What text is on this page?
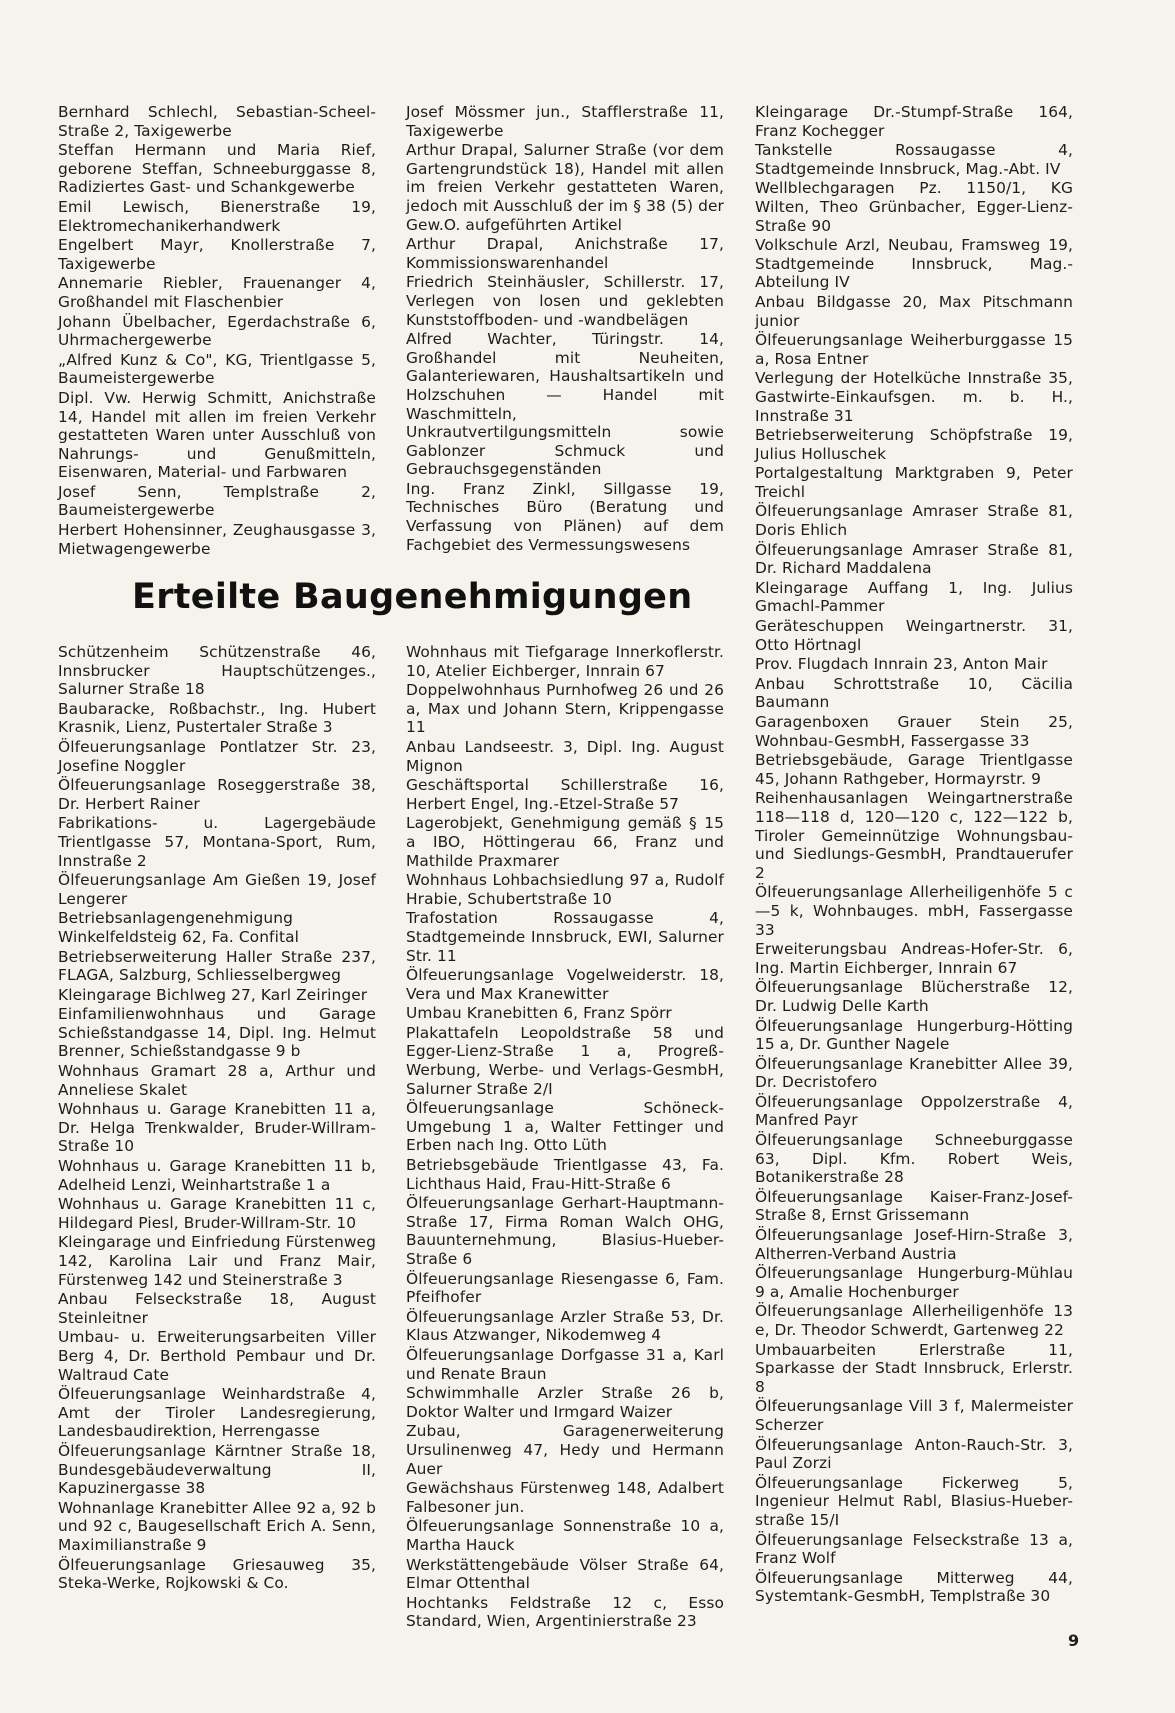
Bernhard Schlechl, Sebastian-Scheel-Straße 2, Taxigewerbe

Steffan Hermann und Maria Rief, geborene Steffan, Schneeburggasse 8, Radiziertes Gast- und Schankgewerbe

Emil Lewisch, Bienerstraße 19, Elektromechanikerhandwerk

Engelbert Mayr, Knollerstraße 7, Taxigewerbe

Annemarie Riebler, Frauenanger 4, Großhandel mit Flaschenbier

Johann Übelbacher, Egerdachstraße 6, Uhrmachergewerbe

„Alfred Kunz & Co", KG, Trientlgasse 5, Baumeistergewerbe

Dipl. Vw. Herwig Schmitt, Anichstraße 14, Handel mit allen im freien Verkehr gestatteten Waren unter Ausschluß von Nahrungs- und Genußmitteln, Eisenwaren, Material- und Farbwaren

Josef Senn, Templstraße 2, Baumeistergewerbe

Herbert Hohensinner, Zeughausgasse 3, Mietwagengewerbe

Josef Mössmer jun., Stafflerstraße 11, Taxigewerbe

Arthur Drapal, Salurner Straße (vor dem Gartengrundstück 18), Handel mit allen im freien Verkehr gestatteten Waren, jedoch mit Ausschluß der im § 38 (5) der Gew.O. aufgeführten Artikel

Arthur Drapal, Anichstraße 17, Kommissionswarenhandel

Friedrich Steinhäusler, Schillerstr. 17, Verlegen von losen und geklebten Kunststoffboden- und -wandbelägen

Alfred Wachter, Türingstr. 14, Großhandel mit Neuheiten, Galanteriewaren, Haushaltsartikeln und Holzschuhen — Handel mit Waschmitteln, Unkrautvertilgungsmitteln sowie Gablonzer Schmuck und Gebrauchsgegenständen

Ing. Franz Zinkl, Sillgasse 19, Technisches Büro (Beratung und Verfassung von Plänen) auf dem Fachgebiet des Vermessungswesens

Kleingarage Dr.-Stumpf-Straße 164, Franz Kochegger

Tankstelle Rossaugasse 4, Stadtgemeinde Innsbruck, Mag.-Abt. IV

Wellblechgaragen Pz. 1150/1, KG Wilten, Theo Grünbacher, Egger-Lienz-Straße 90

Volkschule Arzl, Neubau, Framsweg 19, Stadtgemeinde Innsbruck, Mag.-Abteilung IV

Anbau Bildgasse 20, Max Pitschmann junior

Ölfeuerungsanlage Weiherburggasse 15 a, Rosa Entner

Verlegung der Hotelküche Innstraße 35, Gastwirte-Einkaufsgen. m. b. H., Innstraße 31

Betriebserweiterung Schöpfstraße 19, Julius Holluschek

Portalgestaltung Marktgraben 9, Peter Treichl

Ölfeuerungsanlage Amraser Straße 81, Doris Ehlich

Ölfeuerungsanlage Amraser Straße 81, Dr. Richard Maddalena

Kleingarage Auffang 1, Ing. Julius Gmachl-Pammer

Geräteschuppen Weingartnerstr. 31, Otto Hörtnagl

Prov. Flugdach Innrain 23, Anton Mair

Anbau Schrottstraße 10, Cäcilia Baumann

Garagenboxen Grauer Stein 25, Wohnbau-GesmbH, Fassergasse 33

Betriebsgebäude, Garage Trientlgasse 45, Johann Rathgeber, Hormayrstr. 9

Reihenhausanlagen Weingartnerstraße 118—118 d, 120—120 c, 122—122 b, Tiroler Gemeinnützige Wohnungsbau- und Siedlungs-GesmbH, Prandtauerufer 2

Ölfeuerungsanlage Allerheiligenhöfe 5 c—5 k, Wohnbauges. mbH, Fassergasse 33

Erweiterungsbau Andreas-Hofer-Str. 6, Ing. Martin Eichberger, Innrain 67

Ölfeuerungsanlage Blücherstraße 12, Dr. Ludwig Delle Karth

Ölfeuerungsanlage Hungerburg-Hötting 15 a, Dr. Gunther Nagele

Ölfeuerungsanlage Kranebitter Allee 39, Dr. Decristofero

Ölfeuerungsanlage Oppolzerstraße 4, Manfred Payr

Ölfeuerungsanlage Schneeburggasse 63, Dipl. Kfm. Robert Weis, Botanikerstraße 28

Ölfeuerungsanlage Kaiser-Franz-Josef-Straße 8, Ernst Grissemann

Ölfeuerungsanlage Josef-Hirn-Straße 3, Altherren-Verband Austria

Ölfeuerungsanlage Hungerburg-Mühlau 9 a, Amalie Hochenburger

Ölfeuerungsanlage Allerheiligenhöfe 13 e, Dr. Theodor Schwerdt, Gartenweg 22

Umbauarbeiten Erlerstraße 11, Sparkasse der Stadt Innsbruck, Erlerstr. 8

Ölfeuerungsanlage Vill 3 f, Malermeister Scherzer

Ölfeuerungsanlage Anton-Rauch-Str. 3, Paul Zorzi

Ölfeuerungsanlage Fickerweg 5, Ingenieur Helmut Rabl, Blasius-Hueber-straße 15/I

Ölfeuerungsanlage Felseckstraße 13 a, Franz Wolf

Ölfeuerungsanlage Mitterweg 44, Systemtank-GesmbH, Templstraße 30

Erteilte Baugenehmigungen

Schützenheim Schützenstraße 46, Innsbrucker Hauptschützenges., Salurner Straße 18

Baubaracke, Roßbachstr., Ing. Hubert Krasnik, Lienz, Pustertaler Straße 3

Ölfeuerungsanlage Pontlatzer Str. 23, Josefine Noggler

Ölfeuerungsanlage Roseggerstraße 38, Dr. Herbert Rainer

Fabrikations- u. Lagergebäude Trientlgasse 57, Montana-Sport, Rum, Innstraße 2

Ölfeuerungsanlage Am Gießen 19, Josef Lengerer

Betriebsanlagengenehmigung Winkelfeldsteig 62, Fa. Confital

Betriebserweiterung Haller Straße 237, FLAGA, Salzburg, Schliesselbergweg

Kleingarage Bichlweg 27, Karl Zeiringer

Einfamilienwohnhaus und Garage Schießstandgasse 14, Dipl. Ing. Helmut Brenner, Schießstandgasse 9 b

Wohnhaus Gramart 28 a, Arthur und Anneliese Skalet

Wohnhaus u. Garage Kranebitten 11 a, Dr. Helga Trenkwalder, Bruder-Willram-Straße 10

Wohnhaus u. Garage Kranebitten 11 b, Adelheid Lenzi, Weinhartstraße 1 a

Wohnhaus u. Garage Kranebitten 11 c, Hildegard Piesl, Bruder-Willram-Str. 10

Kleingarage und Einfriedung Fürstenweg 142, Karolina Lair und Franz Mair, Fürstenweg 142 und Steinerstraße 3

Anbau Felseckstraße 18, August Steinleitner

Umbau- u. Erweiterungsarbeiten Viller Berg 4, Dr. Berthold Pembaur und Dr. Waltraud Cate

Ölfeuerungsanlage Weinhardstraße 4, Amt der Tiroler Landesregierung, Landesbaudirektion, Herrengasse

Ölfeuerungsanlage Kärntner Straße 18, Bundesgebäudeverwaltung II, Kapuzinergasse 38

Wohnanlage Kranebitter Allee 92 a, 92 b und 92 c, Baugesellschaft Erich A. Senn, Maximilianstraße 9

Ölfeuerungsanlage Griesauweg 35, Steka-Werke, Rojkowski & Co.

Wohnhaus mit Tiefgarage Innerkoflerstr. 10, Atelier Eichberger, Innrain 67

Doppelwohnhaus Purnhofweg 26 und 26 a, Max und Johann Stern, Krippengasse 11

Anbau Landseestr. 3, Dipl. Ing. August Mignon

Geschäftsportal Schillerstraße 16, Herbert Engel, Ing.-Etzel-Straße 57

Lagerobjekt, Genehmigung gemäß § 15 a IBO, Höttingerau 66, Franz und Mathilde Praxmarer

Wohnhaus Lohbachsiedlung 97 a, Rudolf Hrabie, Schubertstraße 10

Trafostation Rossaugasse 4, Stadtgemeinde Innsbruck, EWI, Salurner Str. 11

Ölfeuerungsanlage Vogelweiderstr. 18, Vera und Max Kranewitter

Umbau Kranebitten 6, Franz Spörr

Plakattafeln Leopoldstraße 58 und Egger-Lienz-Straße 1 a, Progreß-Werbung, Werbe- und Verlags-GesmbH, Salurner Straße 2/I

Ölfeuerungsanlage Schöneck-Umgebung 1 a, Walter Fettinger und Erben nach Ing. Otto Lüth

Betriebsgebäude Trientlgasse 43, Fa. Lichthaus Haid, Frau-Hitt-Straße 6

Ölfeuerungsanlage Gerhart-Hauptmann-Straße 17, Firma Roman Walch OHG, Bauunternehmung, Blasius-Hueber-Straße 6

Ölfeuerungsanlage Riesengasse 6, Fam. Pfeifhofer

Ölfeuerungsanlage Arzler Straße 53, Dr. Klaus Atzwanger, Nikodemweg 4

Ölfeuerungsanlage Dorfgasse 31 a, Karl und Renate Braun

Schwimmhalle Arzler Straße 26 b, Doktor Walter und Irmgard Waizer

Zubau, Garagenerweiterung Ursulinenweg 47, Hedy und Hermann Auer

Gewächshaus Fürstenweg 148, Adalbert Falbesoner jun.

Ölfeuerungsanlage Sonnenstraße 10 a, Martha Hauck

Werkstättengebäude Völser Straße 64, Elmar Ottenthal

Hochtanks Feldstraße 12 c, Esso Standard, Wien, Argentinierstraße 23

9
